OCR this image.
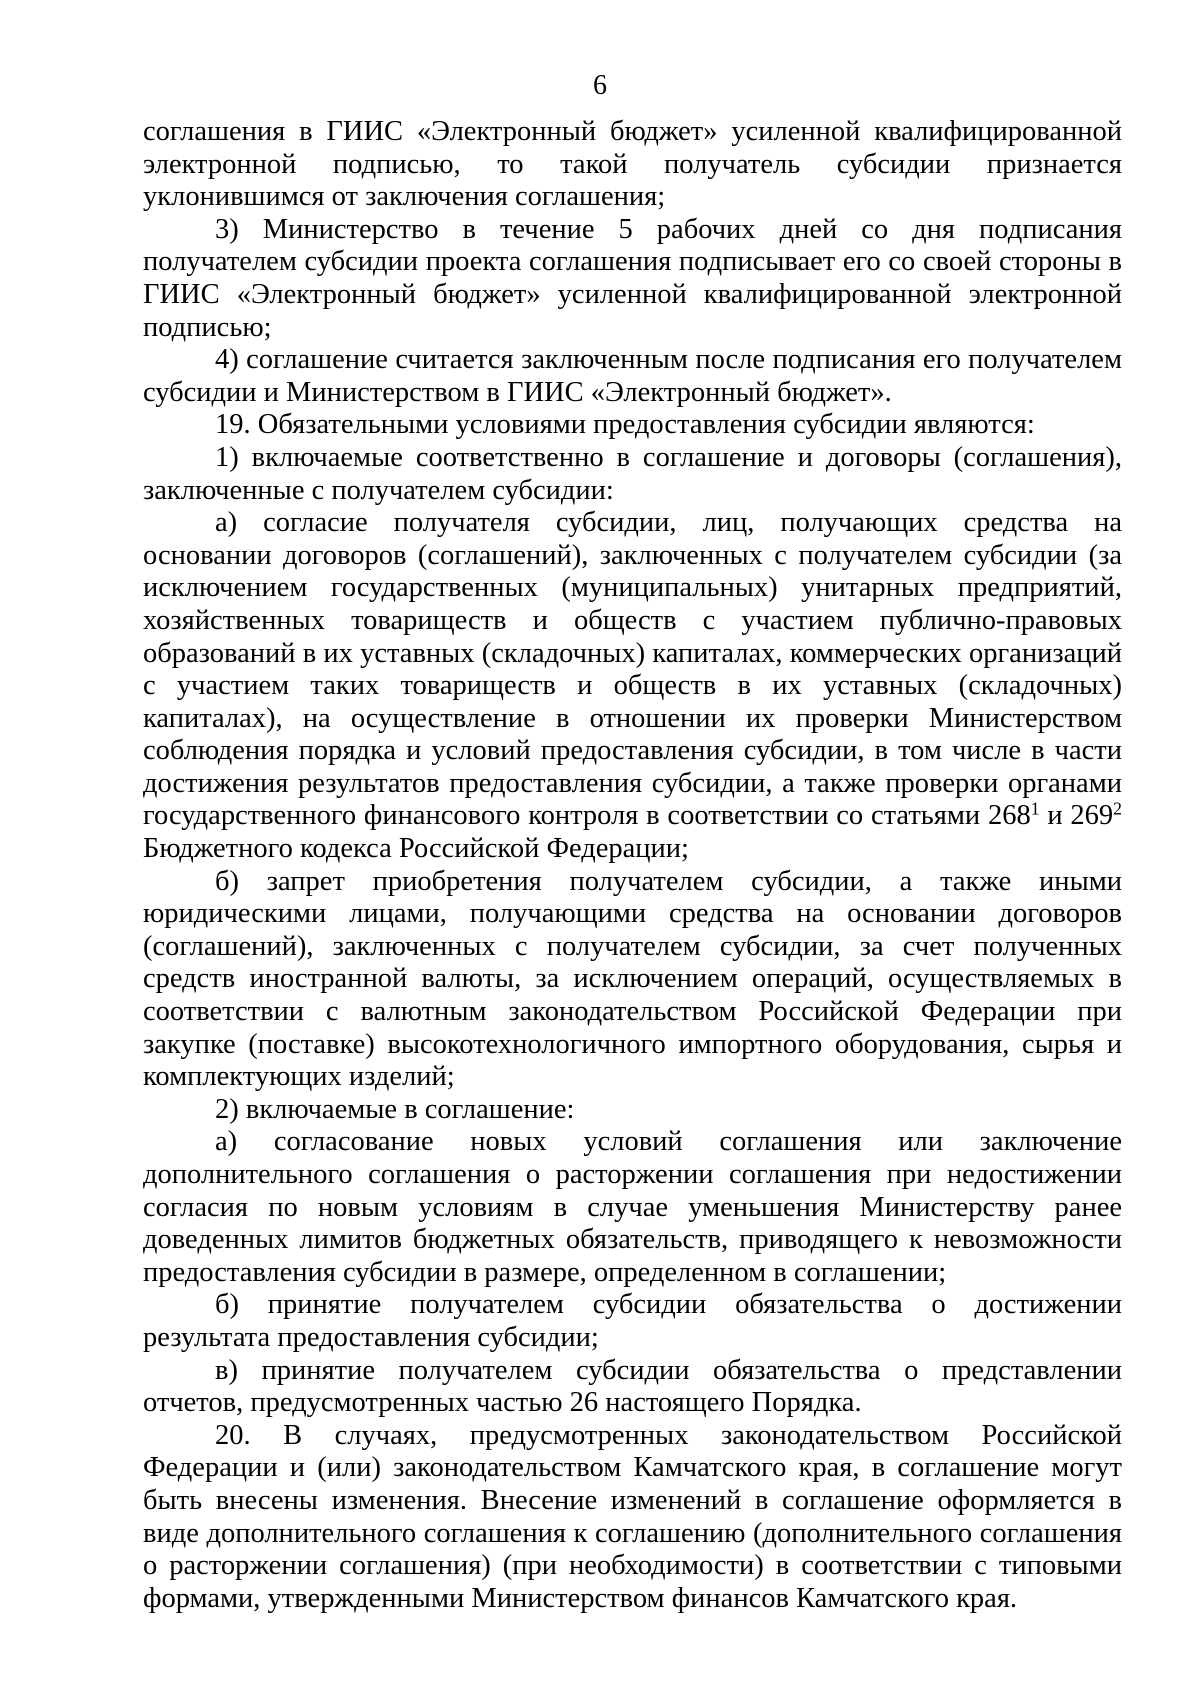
6

соглашения в ГИИС «Электронный бюджет» усиленной квалифицированной электронной подписью, то такой получатель субсидии признается уклонившимся от заключения соглашения;

3) Министерство в течение 5 рабочих дней со дня подписания получателем субсидии проекта соглашения подписывает его со своей стороны в ГИИС «Электронный бюджет» усиленной квалифицированной электронной подписью;

4) соглашение считается заключенным после подписания его получателем субсидии и Министерством в ГИИС «Электронный бюджет».

19. Обязательными условиями предоставления субсидии являются:

1) включаемые соответственно в соглашение и договоры (соглашения), заключенные с получателем субсидии:

а) согласие получателя субсидии, лиц, получающих средства на основании договоров (соглашений), заключенных с получателем субсидии (за исключением государственных (муниципальных) унитарных предприятий, хозяйственных товариществ и обществ с участием публично-правовых образований в их уставных (складочных) капиталах, коммерческих организаций с участием таких товариществ и обществ в их уставных (складочных) капиталах), на осуществление в отношении их проверки Министерством соблюдения порядка и условий предоставления субсидии, в том числе в части достижения результатов предоставления субсидии, а также проверки органами государственного финансового контроля в соответствии со статьями $268^1$ и $269^2$ Бюджетного кодекса Российской Федерации;

б) запрет приобретения получателем субсидии, а также иными юридическими лицами, получающими средства на основании договоров (соглашений), заключенных с получателем субсидии, за счет полученных средств иностранной валюты, за исключением операций, осуществляемых в соответствии с валютным законодательством Российской Федерации при закупке (поставке) высокотехнологичного импортного оборудования, сырья и комплектующих изделий;

2) включаемые в соглашение:

а) согласование новых условий соглашения или заключение дополнительного соглашения о расторжении соглашения при недостижении согласия по новым условиям в случае уменьшения Министерству ранее доведенных лимитов бюджетных обязательств, приводящего к невозможности предоставления субсидии в размере, определенном в соглашении;

б) принятие получателем субсидии обязательства о достижении результата предоставления субсидии;

в) принятие получателем субсидии обязательства о представлении отчетов, предусмотренных частью 26 настоящего Порядка.

20. В случаях, предусмотренных законодательством Российской Федерации и (или) законодательством Камчатского края, в соглашение могут быть внесены изменения. Внесение изменений в соглашение оформляется в виде дополнительного соглашения к соглашению (дополнительного соглашения о расторжении соглашения) (при необходимости) в соответствии с типовыми формами, утвержденными Министерством финансов Камчатского края.
